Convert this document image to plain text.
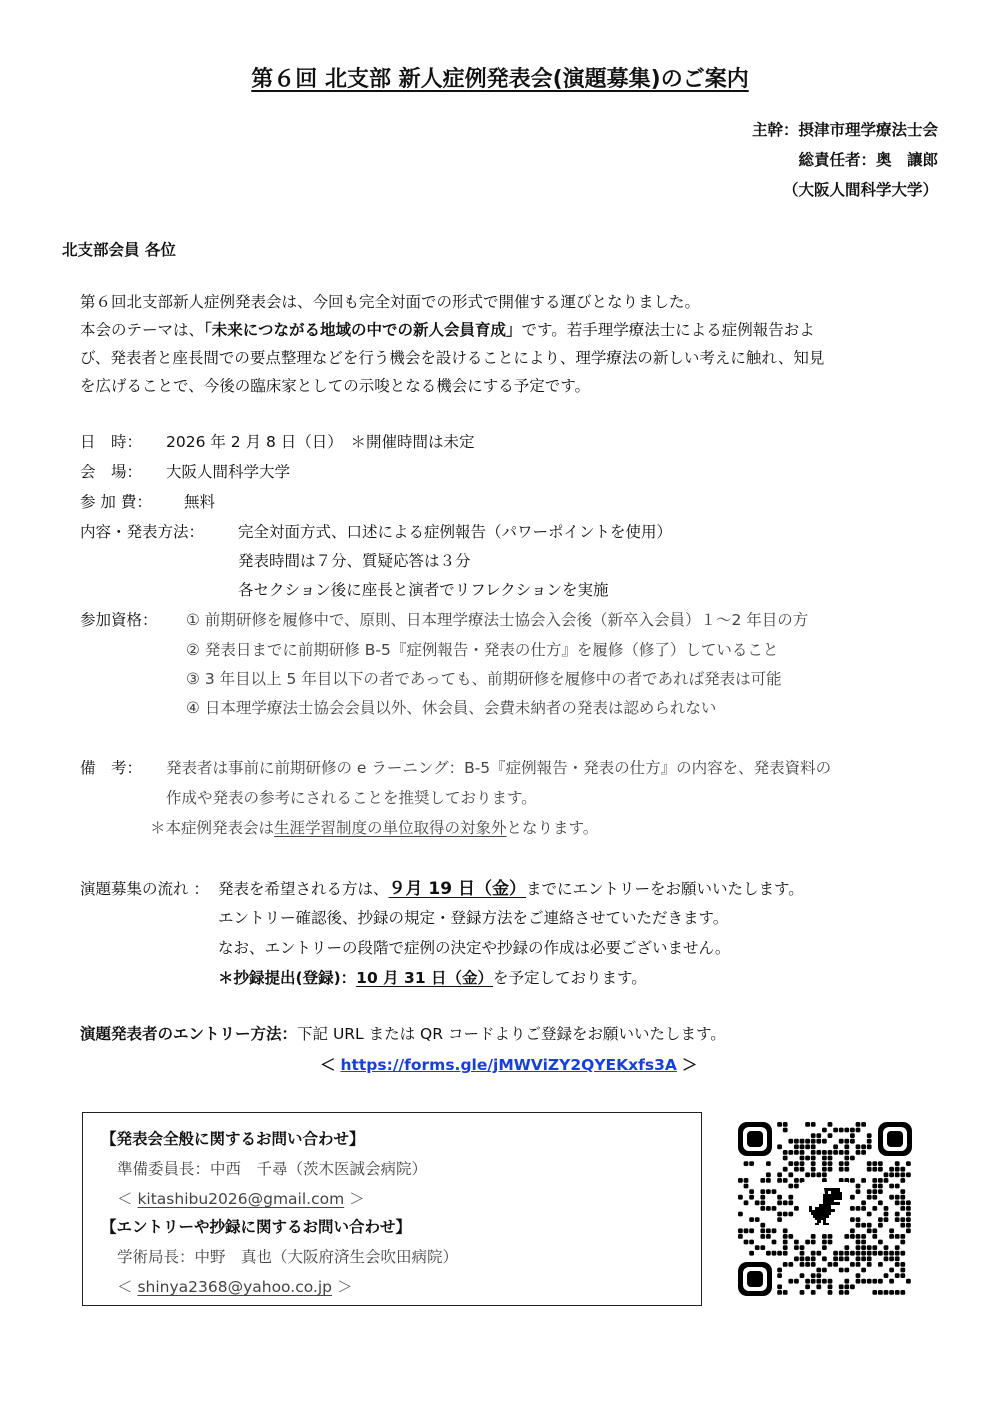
第６回 北支部 新人症例発表会(演題募集)のご案内
主幹：摂津市理学療法士会
総責任者：奥　讓郎
（大阪人間科学大学）
北支部会員 各位
第６回北支部新人症例発表会は、今回も完全対面での形式で開催する運びとなりました。
本会のテーマは、「未来につながる地域の中での新人会員育成」です。若手理学療法士による症例報告およ
び、発表者と座長間での要点整理などを行う機会を設けることにより、理学療法の新しい考えに触れ、知見
を広げることで、今後の臨床家としての示唆となる機会にする予定です。
日　時： 2026 年 2 月 8 日（日）　＊開催時間は未定
会　場： 大阪人間科学大学
参 加 費： 無料
内容・発表方法： 完全対面方式、口述による症例報告（パワーポイントを使用）
発表時間は７分、質疑応答は３分
各セクション後に座長と演者でリフレクションを実施
参加資格： ① 前期研修を履修中で、原則、日本理学療法士協会入会後（新卒入会員）１〜2 年目の方
② 発表日までに前期研修 B-5『症例報告・発表の仕方』を履修（修了）していること
③ 3 年目以上 5 年目以下の者であっても、前期研修を履修中の者であれば発表は可能
④ 日本理学療法士協会会員以外、休会員、会費未納者の発表は認められない
備　考： 発表者は事前に前期研修の e ラーニング：B-5『症例報告・発表の仕方』の内容を、発表資料の
作成や発表の参考にされることを推奨しております。
＊本症例発表会は生涯学習制度の単位取得の対象外となります。
演題募集の流れ ： 発表を希望される方は、９月 19 日（金）までにエントリーをお願いいたします。
エントリー確認後、抄録の規定・登録方法をご連絡させていただきます。
なお、エントリーの段階で症例の決定や抄録の作成は必要ございません。
＊抄録提出(登録)：10 月 31 日（金）を予定しております。
演題発表者のエントリー方法：下記 URL または QR コードよりご登録をお願いいたします。
＜ https://forms.gle/jMWViZY2QYEKxfs3A ＞
【発表会全般に関するお問い合わせ】
準備委員長：中西　千尋（茨木医誠会病院）
＜ kitashibu2026@gmail.com ＞
【エントリーや抄録に関するお問い合わせ】
学術局長：中野　真也（大阪府済生会吹田病院）
＜ shinya2368@yahoo.co.jp ＞
